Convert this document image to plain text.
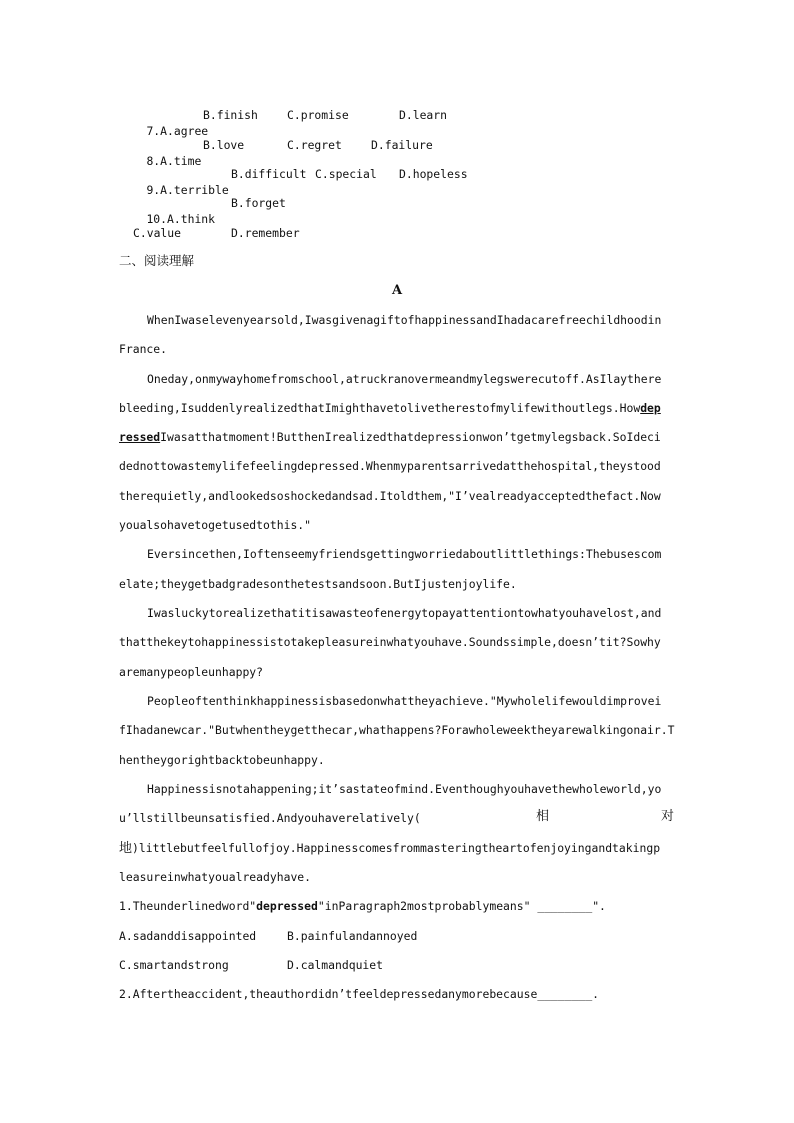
7.A.agree

B.finish	C.promise	D.learn

8.A.time

B.love	C.regret	D.failure

9.A.terrible

B.difficult C.special D.hopeless

10.A.think

B.forget
C.value	D.remember
二、阅读理解
A
WhenIwaselevenyearsold,IwasgivenagiftofhappinessandIhadacarefreechildhoodin
France.
Oneday,onmywayhomefromschool,atruckranovermeandmylegswerecutoff.AsIlaythere
bleeding,IsuddenlyrealizedthatImighthavetolivetherestofmylifewithoutlegs.Howdep
ressedIwasatthatmoment!ButthenIrealizedthatdepressionwon’tgetmylegsback.SoIdeci
dednottowastemylifefeelingdepressed.Whenmyparentsarrivedatthehospital,theystood
therequietly,andlookedsoshockedandsad.Itoldthem,"I’vealreadyacceptedthefact.Now
youalsohavetogetusedtothis."
Eversincethen,Ioftenseemyfriendsgettingworriedaboutlittlethings:Thebusescom
elate;theygetbadgradesonthetestsandsoon.ButIjustenjoylife.
Iwasluckytorealizethatitisawasteofenergytopayattentiontowhatyouhavelost,and
thatthekeytohappinessistotakepleasureinwhatyouhave.Soundssimple,doesn’tit?Sowhy
aremanypeopleunhappy?
Peopleoftenthinkhappinessisbasedonwhattheyachieve."Mywholelifewouldimprovei
fIhadanewcar."Butwhentheygetthecar,whathappens?Forawholeweektheyarewalkingonair.T
hentheygorightbacktobeunhappy.
Happinessisnotahappening;it’sastateofmind.Eventhoughyouhavethewholeworld,yo
u’llstillbeunsatisfied.Andyouhaverelatively(	相	对
地)littlebutfeelfullofjoy.Happinesscomesfrommasteringtheartofenjoyingandtakingp
leasureinwhatyoualreadyhave.
1.Theunderlinedword"depressed"inParagraph2mostprobablymeans" ________".
A.sadanddisappointed	B.painfulandannoyed
C.smartandstrong	D.calmandquiet
2.Aftertheaccident,theauthordidn’tfeeldepressedanymorebecause________.
